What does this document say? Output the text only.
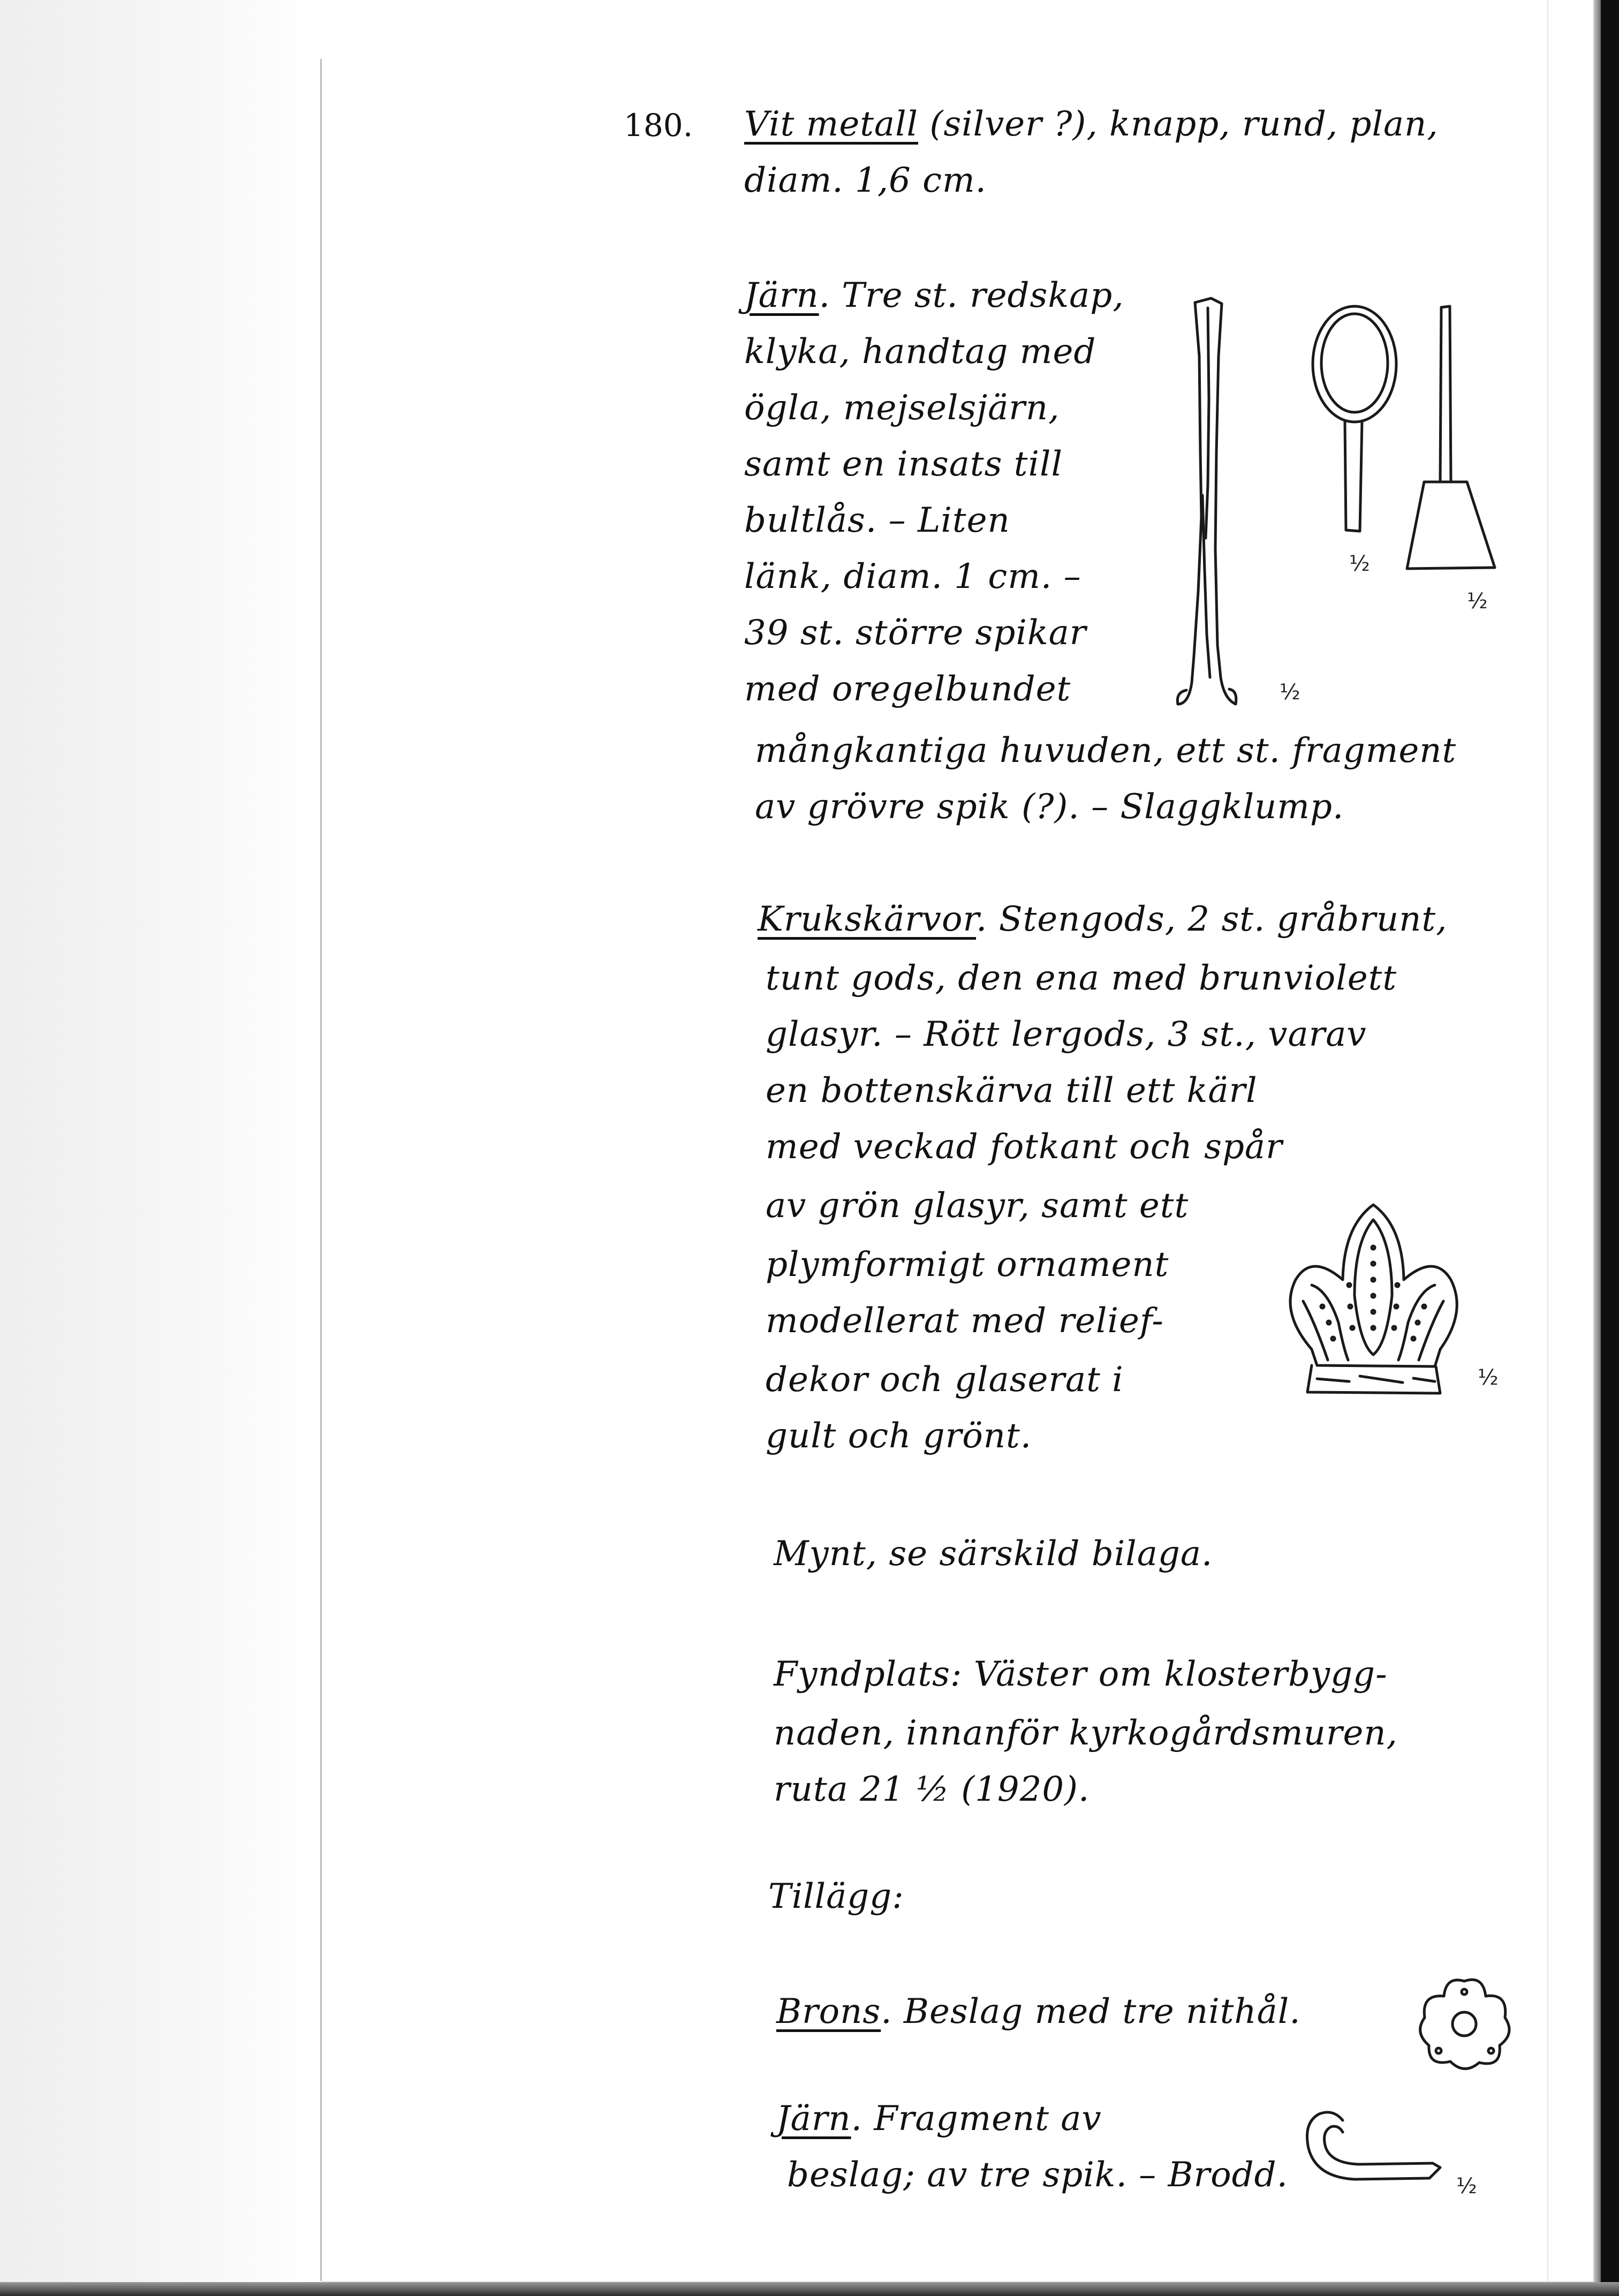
180. Vit metall (silver ?), knapp, rund, plan,
diam. 1,6 cm.
Järn. Tre st. redskap,
klyka, handtag med
ögla, mejselsjärn,
samt en insats till
bultlås. – Liten
länk, diam. 1 cm. –
39 st. större spikar
med oregelbundet
mångkantiga huvuden, ett st. fragment
av grövre spik (?). – Slaggklump.
½
½
½
Krukskärvor. Stengods, 2 st. gråbrunt,
tunt gods, den ena med brunviolett
glasyr. – Rött lergods, 3 st., varav
en bottenskärva till ett kärl
med veckad fotkant och spår
av grön glasyr, samt ett
plymformigt ornament
modellerat med relief-
dekor och glaserat i
gult och grönt.
½
Mynt, se särskild bilaga.
Fyndplats: Väster om klosterbygg-
naden, innanför kyrkogårdsmuren,
ruta 21 ½ (1920).
Tillägg:
Brons. Beslag med tre nithål.
Järn. Fragment av
beslag; av tre spik. – Brodd.	½
